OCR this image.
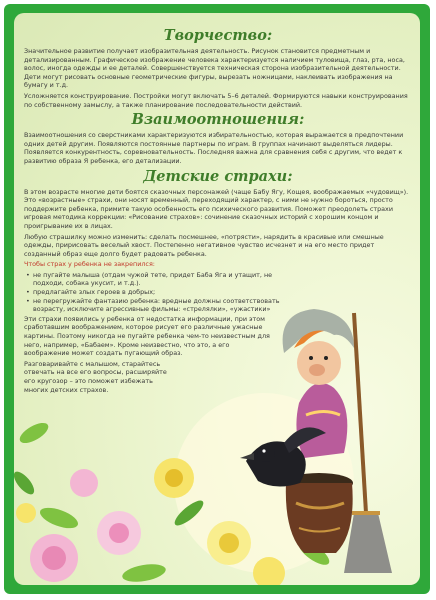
Творчество:

Значительное развитие получает изобразительная деятельность. Рисунок становится предметным и детализированным. Графическое изображение человека характеризуется наличием туловища, глаз, рта, носа, волос, иногда одежды и ее деталей. Совершенствуется техническая сторона изобразительной деятельности. Дети могут рисовать основные геометрические фигуры, вырезать ножницами, наклеивать изображения на бумагу и т.д.

Усложняется конструирование. Постройки могут включать 5–6 деталей. Формируются навыки конструирования по собственному замыслу, а также планирование последовательности действий.

Взаимоотношения:

Взаимоотношения со сверстниками характеризуются избирательностью, которая выражается в предпочтении одних детей другим. Появляются постоянные партнеры по играм. В группах начинают выделяться лидеры. Появляется конкурентность, соревновательность. Последняя важна для сравнения себя с другим, что ведет к развитию образа Я ребенка, его детализации.

Детские страхи:

В этом возрасте многие дети боятся сказочных персонажей (чаще Бабу Ягу, Кощея, воображаемых «чудовищ»). Это «возрастные» страхи, они носят временный, переходящий характер, с ними не нужно бороться, просто поддержите ребенка, примите такую особенность его психического развития. Поможет преодолеть страхи игровая методика коррекции: «Рисование страхов»: сочинение сказочных историй с хорошим концом и проигрывание их в лицах.

Любую страшилку можно изменить: сделать посмешнее, «потрясти», нарядить в красивые или смешные одежды, пририсовать веселый хвост. Постепенно негативное чувство исчезнет и на его место придет созданный образ еще долго будет радовать ребенка.

Чтобы страх у ребенка не закрепился:

• не пугайте малыша (отдам чужой тете, придет Баба Яга и утащит, не подходи, собака укусит, и т.д.).
• предлагайте злых героев в добрых;
• не перегружайте фантазию ребенка: вредные должны соответствовать возрасту, исключите агрессивные фильмы: «стрелялки», «ужастики»

Эти страхи появились у ребенка от недостатка информации, при этом сработавшим воображением, которое рисует его различные ужасные картины. Поэтому никогда не пугайте ребенка чем-то неизвестным для него, например, «Бабаем». Кроме неизвестно, что это, а его воображение может создать пугающий образ.

Разговаривайте с малышом, старайтесь отвечать на все его вопросы, расширяйте его кругозор – это поможет избежать многих детских страхов.
